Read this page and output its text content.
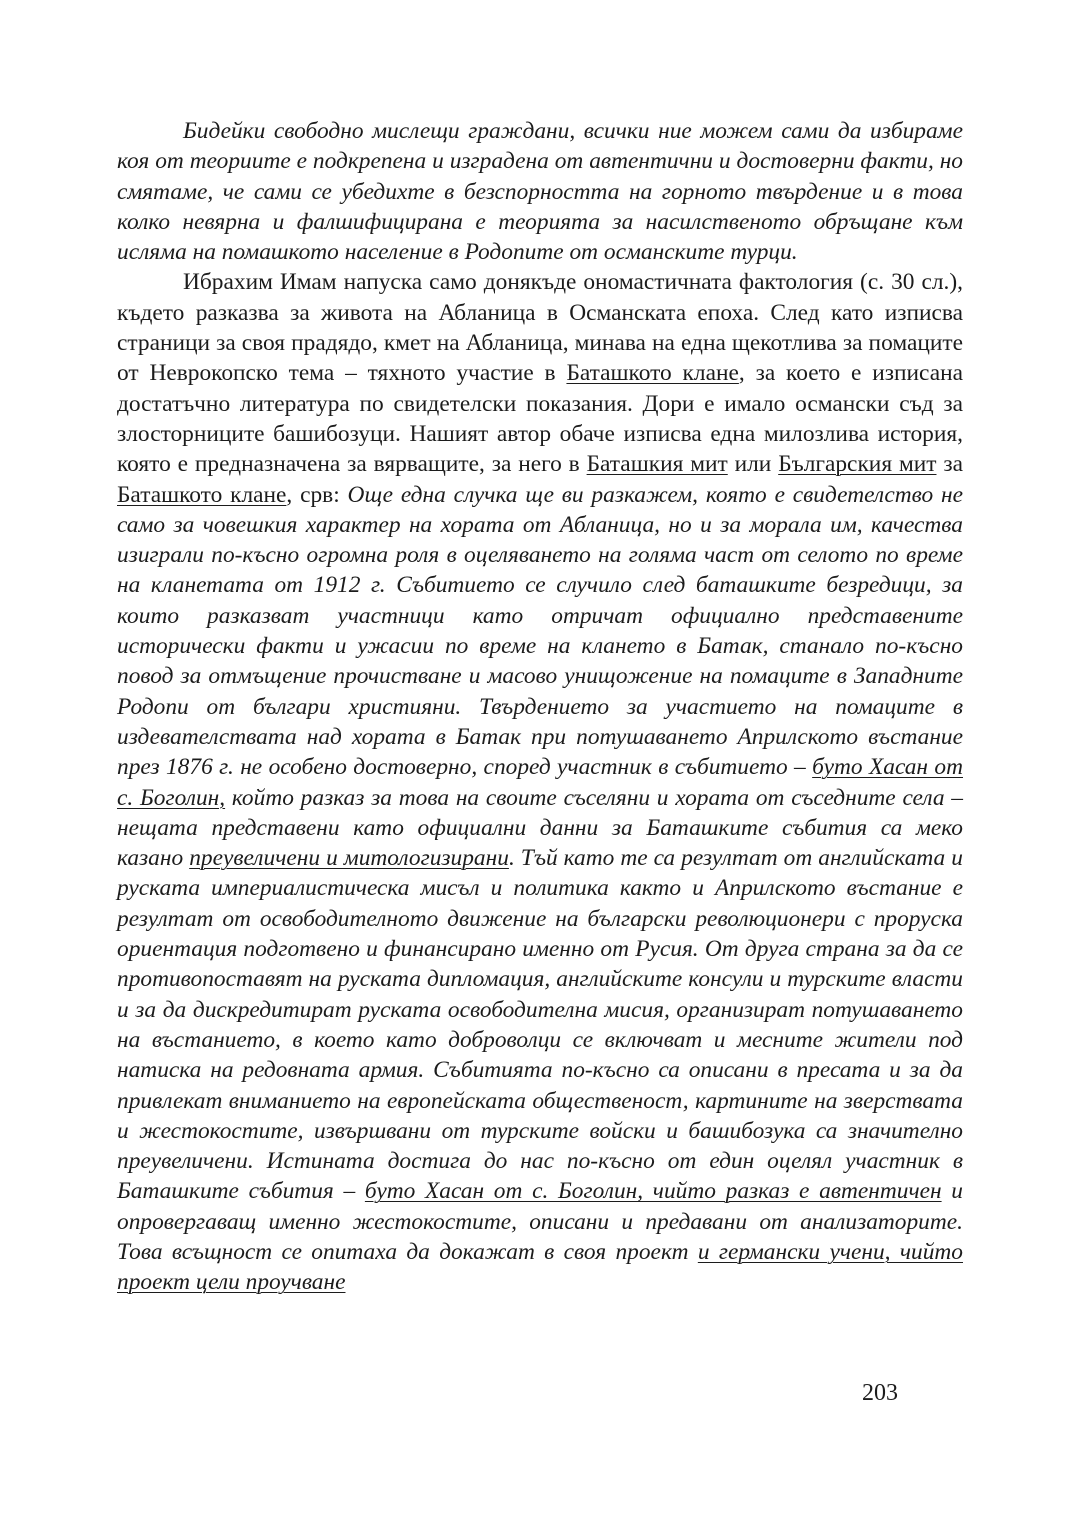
Бидейки свободно мислещи граждани, всички ние можем сами да избираме коя от теориите е подкрепена и изградена от автентични и достоверни факти, но смятаме, че сами се убедихте в безспорността на горното твърдение и в това колко невярна и фалшифицирана е теорията за насилственото обръщане към исляма на помашкото население в Родопите от османските турци.

Ибрахим Имам напуска само донякъде ономастичната фактология (с. 30 сл.), където разказва за живота на Абланица в Османската епоха. След като изписва страници за своя прадядо, кмет на Абланица, минава на една щекотлива за помаците от Неврокопско тема – тяхното участие в Баташкото клане, за което е изписана достатъчно литература по свидетелски показания. Дори е имало османски съд за злосторниците башибозуци. Нашият автор обаче изписва една милозлива история, която е предназначена за вярващите, за него в Баташкия мит или Българския мит за Баташкото клане, срв: Още една случка ще ви разкажем, която е свидетелство не само за човешкия характер на хората от Абланица, но и за морала им, качества изиграли по-късно огромна роля в оцеляването на голяма част от селото по време на кланетата от 1912 г. Събитието се случило след баташките безредици, за които разказват участници като отричат официално представените исторически факти и ужасии по време на клането в Батак, станало по-късно повод за отмъщение прочистване и масово унищожение на помаците в Западните Родопи от българи християни. Твърдението за участието на помаците в издевателствата над хората в Батак при потушаването Априлското въстание през 1876 г. не особено достоверно, според участник в събитието – буто Хасан от с. Боголин, който разказ за това на своите съселяни и хората от съседните села – нещата представени като официални данни за Баташките събития са меко казано преувеличени и митологизирани. Тъй като те са резултат от английската и руската империалистическа мисъл и политика както и Априлското въстание е резултат от освободителното движение на български революционери с проруска ориентация подготвено и финансирано именно от Русия. От друга страна за да се противопоставят на руската дипломация, английските консули и турските власти и за да дискредитират руската освободителна мисия, организират потушаването на въстанието, в което като доброволци се включват и месните жители под натиска на редовната армия. Събитията по-късно са описани в пресата и за да привлекат вниманието на европейската общественост, картините на зверствата и жестокостите, извършвани от турските войски и башибозука са значително преувеличени. Истината достига до нас по-късно от един оцелял участник в Баташките събития – буто Хасан от с. Боголин, чийто разказ е автентичен и опровергаващ именно жестокостите, описани и предавани от анализаторите. Това всъщност се опитаха да докажат в своя проект и германски учени, чийто проект цели проучване

203
